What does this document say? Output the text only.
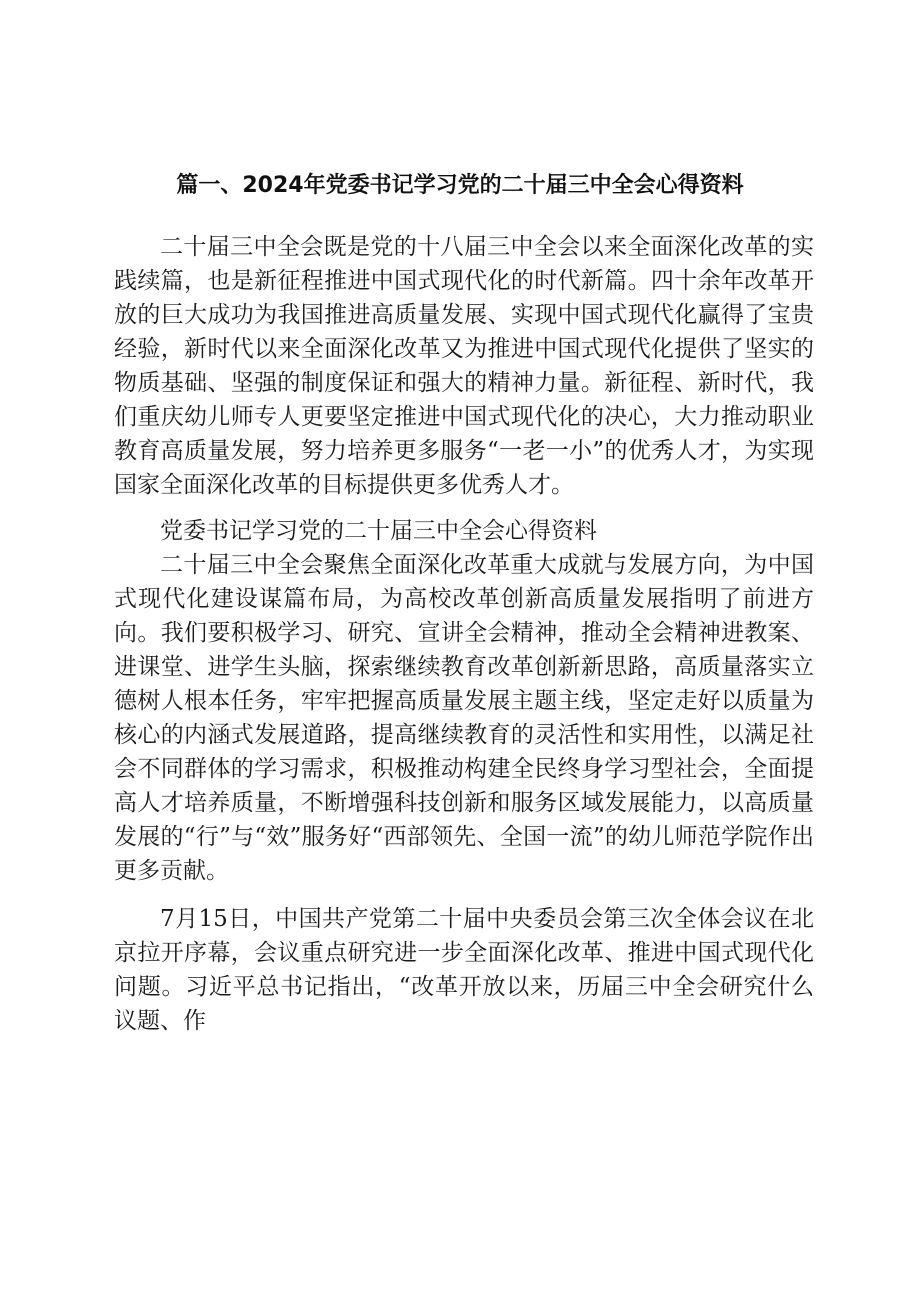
篇一、2024年党委书记学习党的二十届三中全会心得资料

二十届三中全会既是党的十八届三中全会以来全面深化改革的实践续篇，也是新征程推进中国式现代化的时代新篇。四十余年改革开放的巨大成功为我国推进高质量发展、实现中国式现代化赢得了宝贵经验，新时代以来全面深化改革又为推进中国式现代化提供了坚实的物质基础、坚强的制度保证和强大的精神力量。新征程、新时代，我们重庆幼儿师专人更要坚定推进中国式现代化的决心，大力推动职业教育高质量发展，努力培养更多服务“一老一小”的优秀人才，为实现国家全面深化改革的目标提供更多优秀人才。

党委书记学习党的二十届三中全会心得资料

二十届三中全会聚焦全面深化改革重大成就与发展方向，为中国式现代化建设谋篇布局，为高校改革创新高质量发展指明了前进方向。我们要积极学习、研究、宣讲全会精神，推动全会精神进教案、进课堂、进学生头脑，探索继续教育改革创新新思路，高质量落实立德树人根本任务，牢牢把握高质量发展主题主线，坚定走好以质量为核心的内涵式发展道路，提高继续教育的灵活性和实用性，以满足社会不同群体的学习需求，积极推动构建全民终身学习型社会，全面提高人才培养质量，不断增强科技创新和服务区域发展能力，以高质量发展的“行”与“效”服务好“西部领先、全国一流”的幼儿师范学院作出更多贡献。

7月15日，中国共产党第二十届中央委员会第三次全体会议在北京拉开序幕，会议重点研究进一步全面深化改革、推进中国式现代化问题。习近平总书记指出，“改革开放以来，历届三中全会研究什么议题、作
